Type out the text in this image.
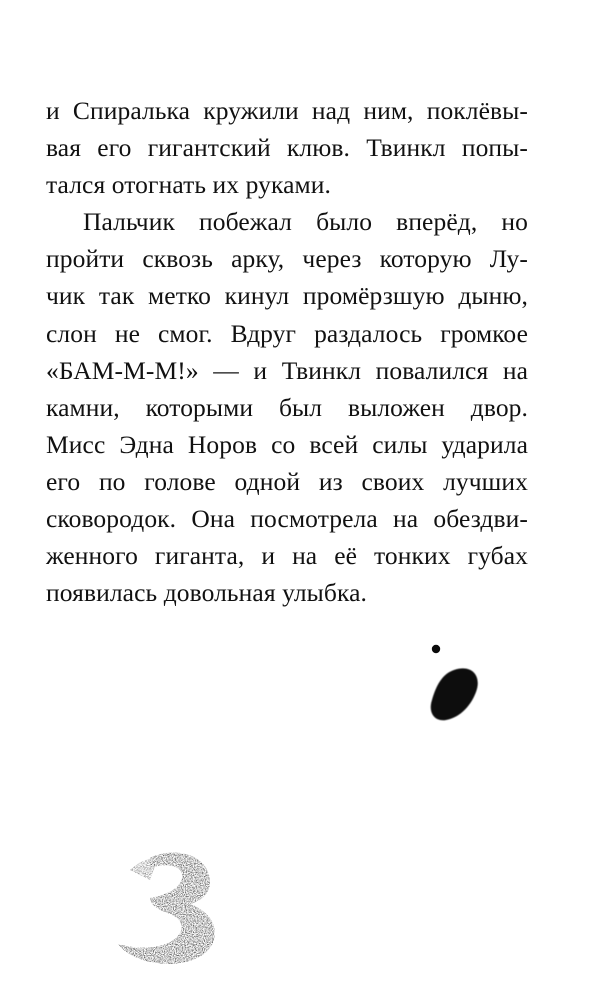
и Спиралька кружили над ним, поклёвы-
вая его гигантский клюв. Твинкл попы-
тался отогнать их руками.
Пальчик побежал было вперёд, но
пройти сквозь арку, через которую Лу-
чик так метко кинул промёрзшую дыню,
слон не смог. Вдруг раздалось громкое
«БАМ-М-М!» — и Твинкл повалился на
камни, которыми был выложен двор.
Мисс Эдна Норов со всей силы ударила
его по голове одной из своих лучших
сковородок. Она посмотрела на обездви-
женного гиганта, и на её тонких губах
появилась довольная улыбка.
